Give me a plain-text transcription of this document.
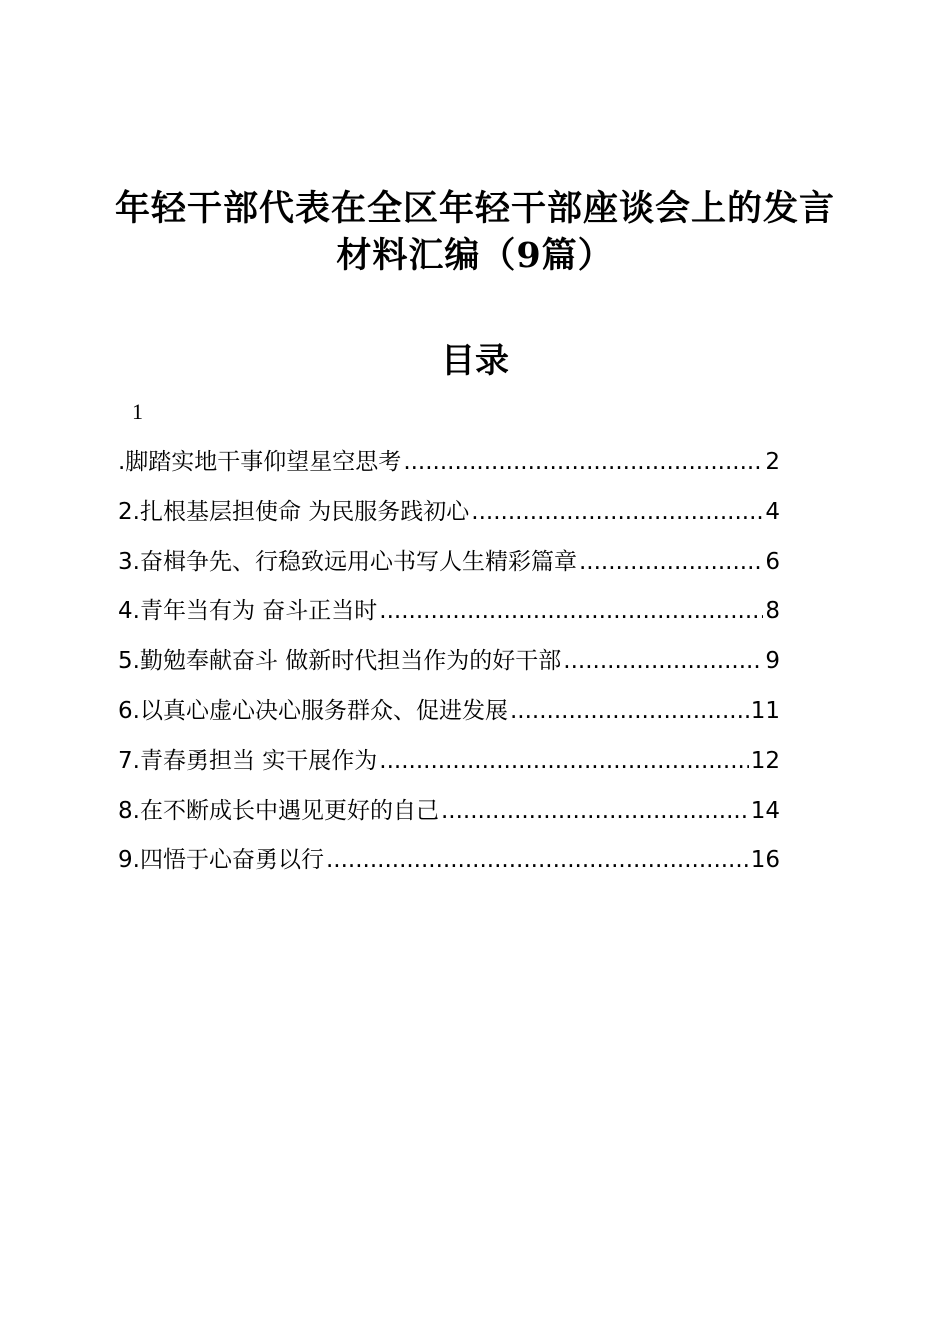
年轻干部代表在全区年轻干部座谈会上的发言
材料汇编（9篇）
目录
1
.脚踏实地干事仰望星空思考 .....	2
2.扎根基层担使命 为民服务践初心 .....	4
3.奋楫争先、行稳致远用心书写人生精彩篇章 .....	6
4.青年当有为 奋斗正当时 .....	8
5.勤勉奉献奋斗 做新时代担当作为的好干部 .....	9
6.以真心虚心决心服务群众、促进发展 .....	11
7.青春勇担当 实干展作为 .....	12
8.在不断成长中遇见更好的自己 .....	14
9.四悟于心奋勇以行 .....	16
